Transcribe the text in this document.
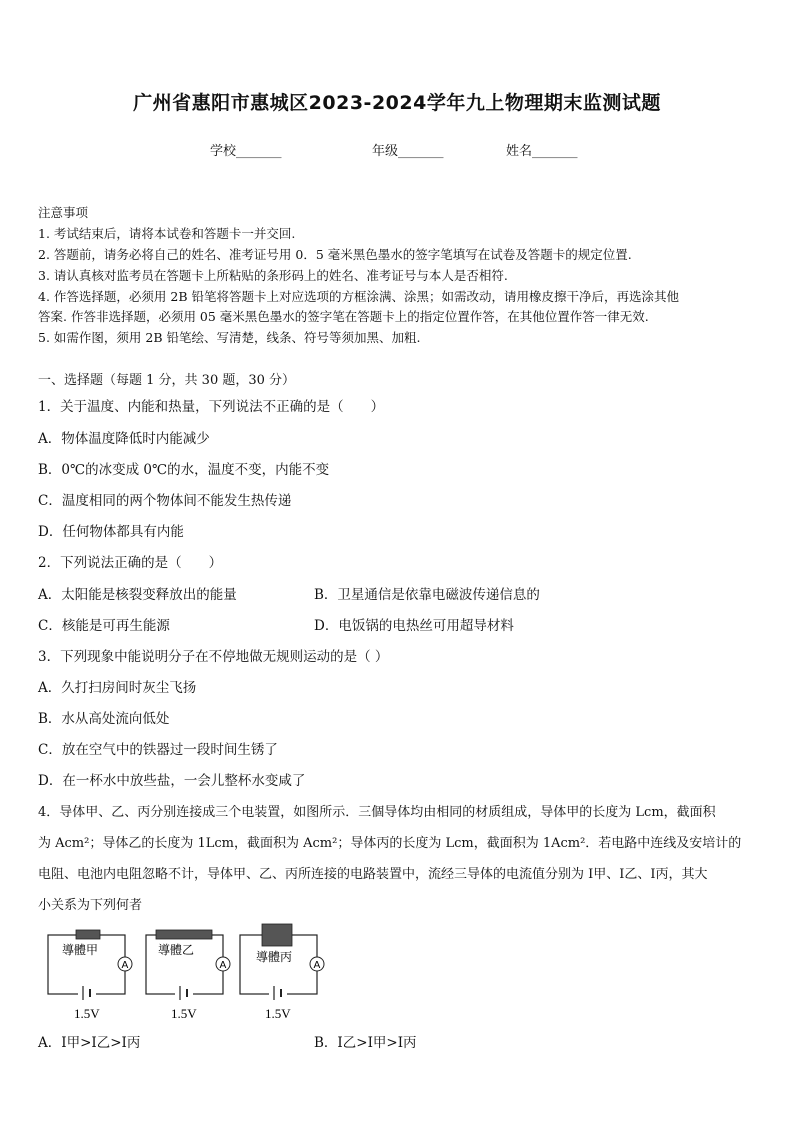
广州省惠阳市惠城区2023-2024学年九上物理期末监测试题
学校_______	年级_______	姓名_______
注意事项
1. 考试结束后，请将本试卷和答题卡一并交回.
2. 答题前，请务必将自己的姓名、准考证号用 0．5 毫米黑色墨水的签字笔填写在试卷及答题卡的规定位置.
3. 请认真核对监考员在答题卡上所粘贴的条形码上的姓名、准考证号与本人是否相符.
4. 作答选择题，必须用 2B 铅笔将答题卡上对应选项的方框涂满、涂黑；如需改动，请用橡皮擦干净后，再选涂其他
答案. 作答非选择题，必须用 05 毫米黑色墨水的签字笔在答题卡上的指定位置作答，在其他位置作答一律无效.
5. 如需作图，须用 2B 铅笔绘、写清楚，线条、符号等须加黑、加粗.
一、选择题（每题 1 分，共 30 题，30 分）
1．关于温度、内能和热量，下列说法不正确的是（　　）
A．物体温度降低时内能减少
B．0℃的冰变成 0℃的水，温度不变，内能不变
C．温度相同的两个物体间不能发生热传递
D．任何物体都具有内能
2．下列说法正确的是（　　）
A．太阳能是核裂变释放出的能量	B．卫星通信是依靠电磁波传递信息的
C．核能是可再生能源	D．电饭锅的电热丝可用超导材料
3．下列现象中能说明分子在不停地做无规则运动的是（ ）
A．久打扫房间时灰尘飞扬
B．水从高处流向低处
C．放在空气中的铁器过一段时间生锈了
D．在一杯水中放些盐，一会儿整杯水变咸了
4．导体甲、乙、丙分别连接成三个电装置，如图所示．三個导体均由相同的材质组成，导体甲的长度为 Lcm，截面积
为 Acm²；导体乙的长度为 1Lcm，截面积为 Acm²；导体丙的长度为 Lcm，截面积为 1Acm²．若电路中连线及安培计的
电阻、电池内电阻忽略不计，导体甲、乙、丙所连接的电路装置中，流经三导体的电流值分别为 I甲、I乙、I丙，其大
小关系为下列何者
導體甲
A
1.5V
導體乙
A
1.5V
導體丙
A
1.5V
A．I甲>I乙>I丙	B．I乙>I甲>I丙
